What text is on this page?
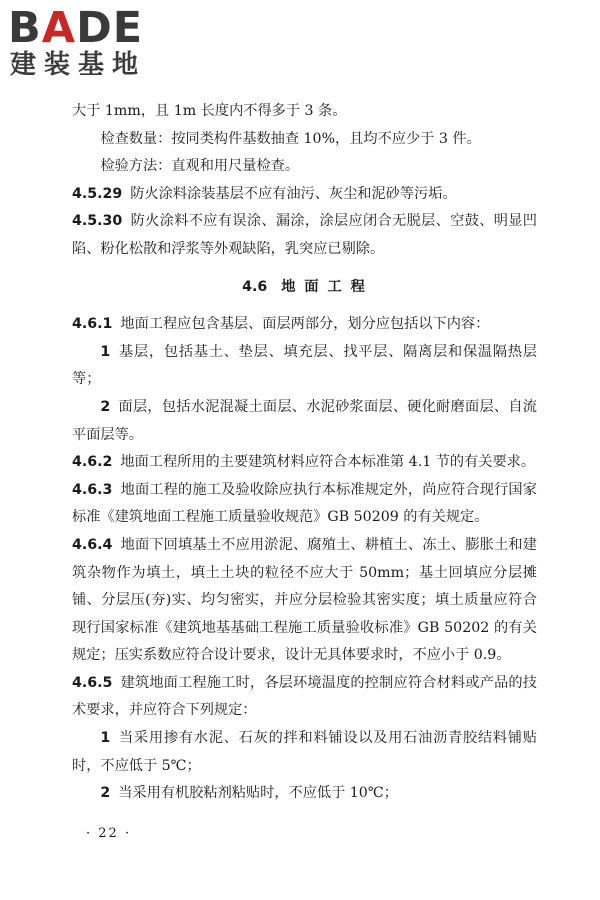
B A DE
建装基地

大于 1mm，且 1m 长度内不得多于 3 条。

检查数量：按同类构件基数抽查 10%，且均不应少于 3 件。

检验方法：直观和用尺量检查。

4.5.29 防火涂料涂装基层不应有油污、灰尘和泥砂等污垢。

4.5.30 防火涂料不应有误涂、漏涂，涂层应闭合无脱层、空鼓、明显凹陷、粉化松散和浮浆等外观缺陷，乳突应已剔除。

4.6 地 面 工 程

4.6.1 地面工程应包含基层、面层两部分，划分应包括以下内容：

1 基层，包括基土、垫层、填充层、找平层、隔离层和保温隔热层等；

2 面层，包括水泥混凝土面层、水泥砂浆面层、硬化耐磨面层、自流平面层等。

4.6.2 地面工程所用的主要建筑材料应符合本标准第 4.1 节的有关要求。

4.6.3 地面工程的施工及验收除应执行本标准规定外，尚应符合现行国家标准《建筑地面工程施工质量验收规范》GB 50209 的有关规定。

4.6.4 地面下回填基土不应用淤泥、腐殖土、耕植土、冻土、膨胀土和建筑杂物作为填土，填土土块的粒径不应大于 50mm；基土回填应分层摊铺、分层压(夯)实、均匀密实，并应分层检验其密实度；填土质量应符合现行国家标准《建筑地基基础工程施工质量验收标准》GB 50202 的有关规定；压实系数应符合设计要求，设计无具体要求时，不应小于 0.9。

4.6.5 建筑地面工程施工时，各层环境温度的控制应符合材料或产品的技术要求，并应符合下列规定：

1 当采用掺有水泥、石灰的拌和料铺设以及用石油沥青胶结料铺贴时，不应低于 5℃；

2 当采用有机胶粘剂粘贴时，不应低于 10℃；

· 22 ·
